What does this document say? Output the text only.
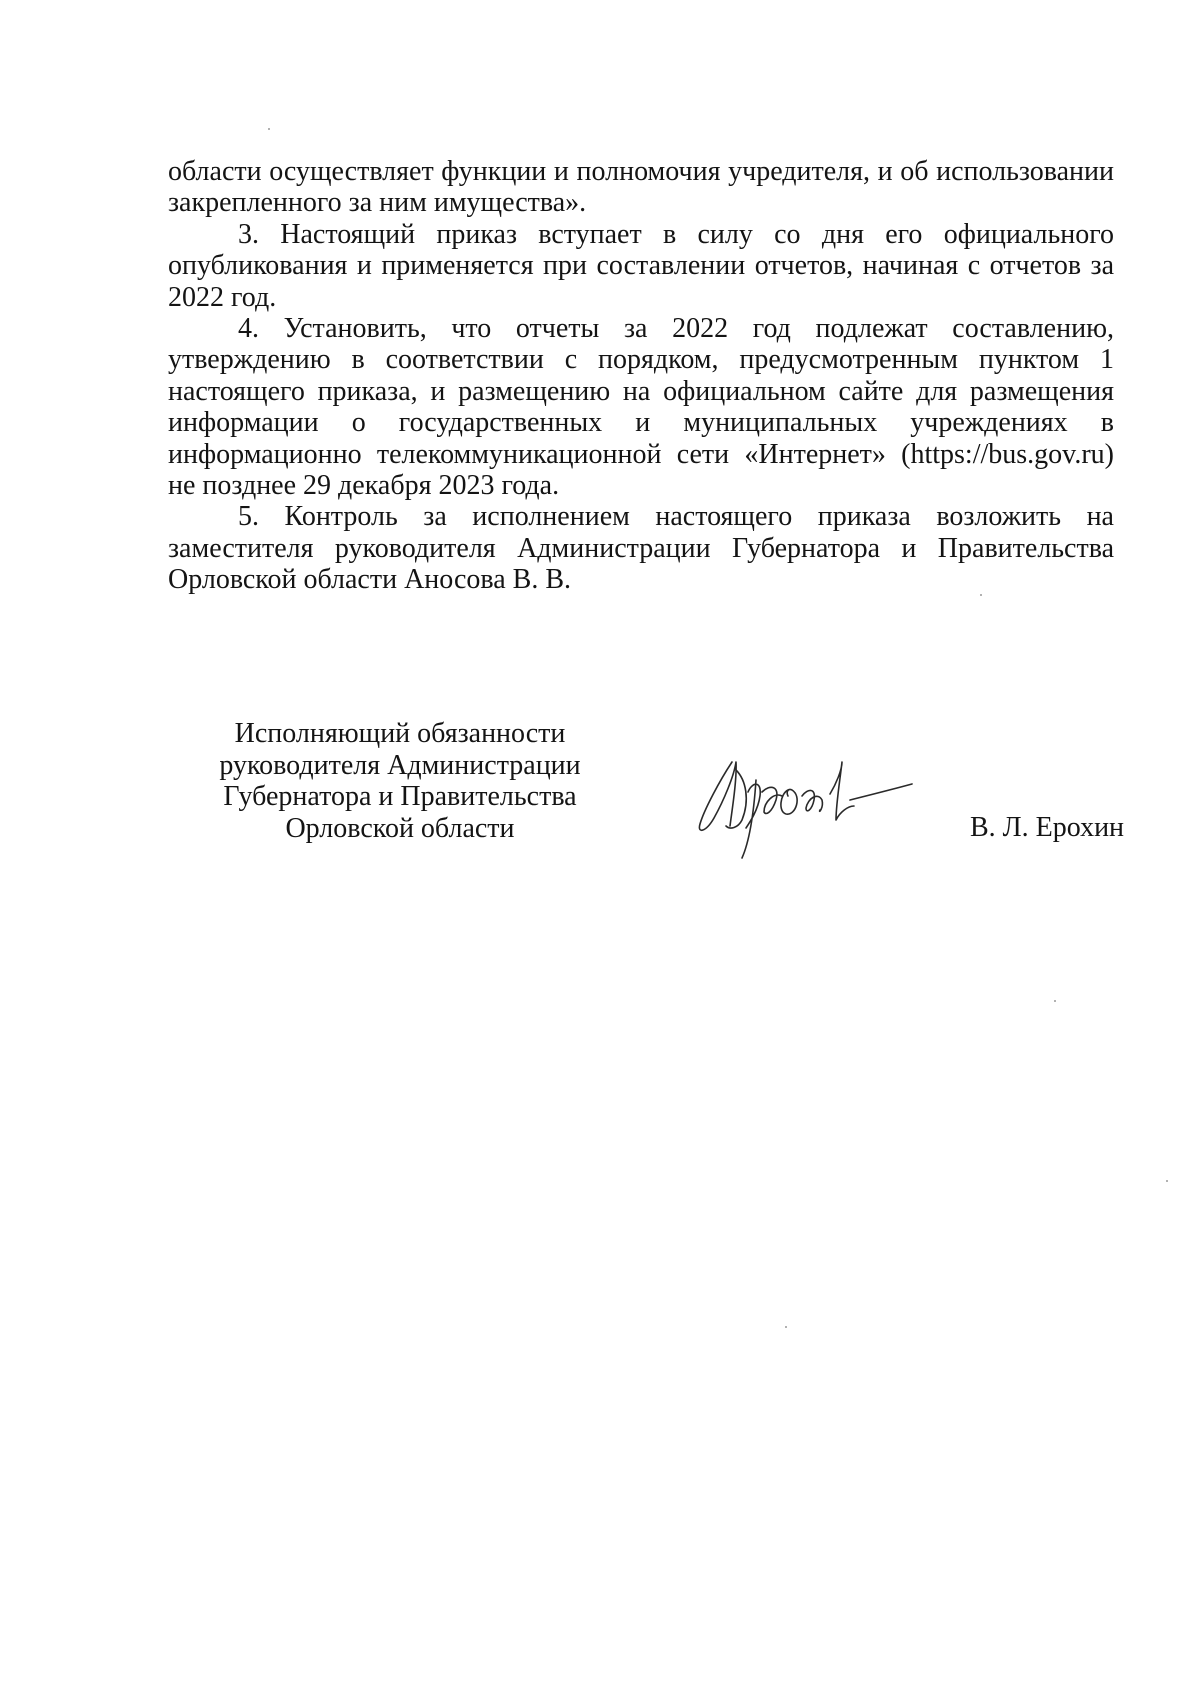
области осуществляет функции и полномочия учредителя, и об использовании закрепленного за ним имущества».

3. Настоящий приказ вступает в силу со дня его официального опубликования и применяется при составлении отчетов, начиная с отчетов за 2022 год.

4. Установить, что отчеты за 2022 год подлежат составлению, утверждению в соответствии с порядком, предусмотренным пунктом 1 настоящего приказа, и размещению на официальном сайте для размещения информации о государственных и муниципальных учреждениях в информационно телекоммуникационной сети «Интернет» (https://bus.gov.ru) не позднее 29 декабря 2023 года.

5. Контроль за исполнением настоящего приказа возложить на заместителя руководителя Администрации Губернатора и Правительства Орловской области Аносова В. В.

Исполняющий обязанности
руководителя Администрации
Губернатора и Правительства
Орловской области	В. Л. Ерохин
